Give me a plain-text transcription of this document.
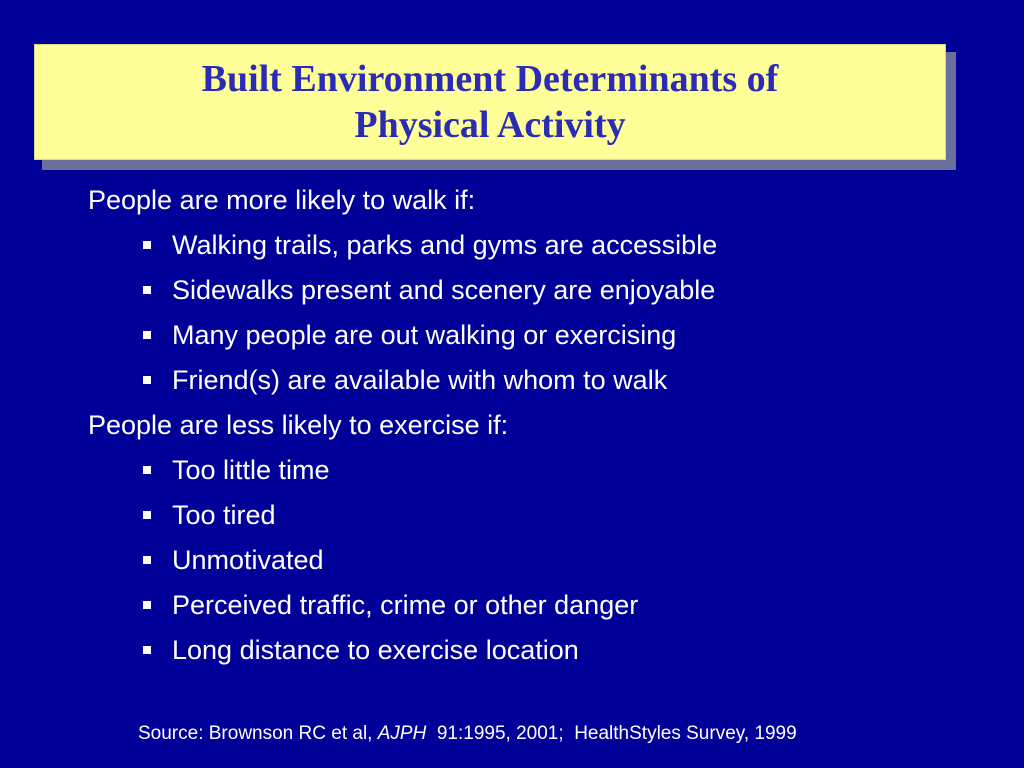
Built Environment Determinants of
Physical Activity
People are more likely to walk if:
Walking trails, parks and gyms are accessible
Sidewalks present and scenery are enjoyable
Many people are out walking or exercising
Friend(s) are available with whom to walk
People are less likely to exercise if:
Too little time
Too tired
Unmotivated
Perceived traffic, crime or other danger
Long distance to exercise location
Source: Brownson RC et al, AJPH  91:1995, 2001;  HealthStyles Survey, 1999
